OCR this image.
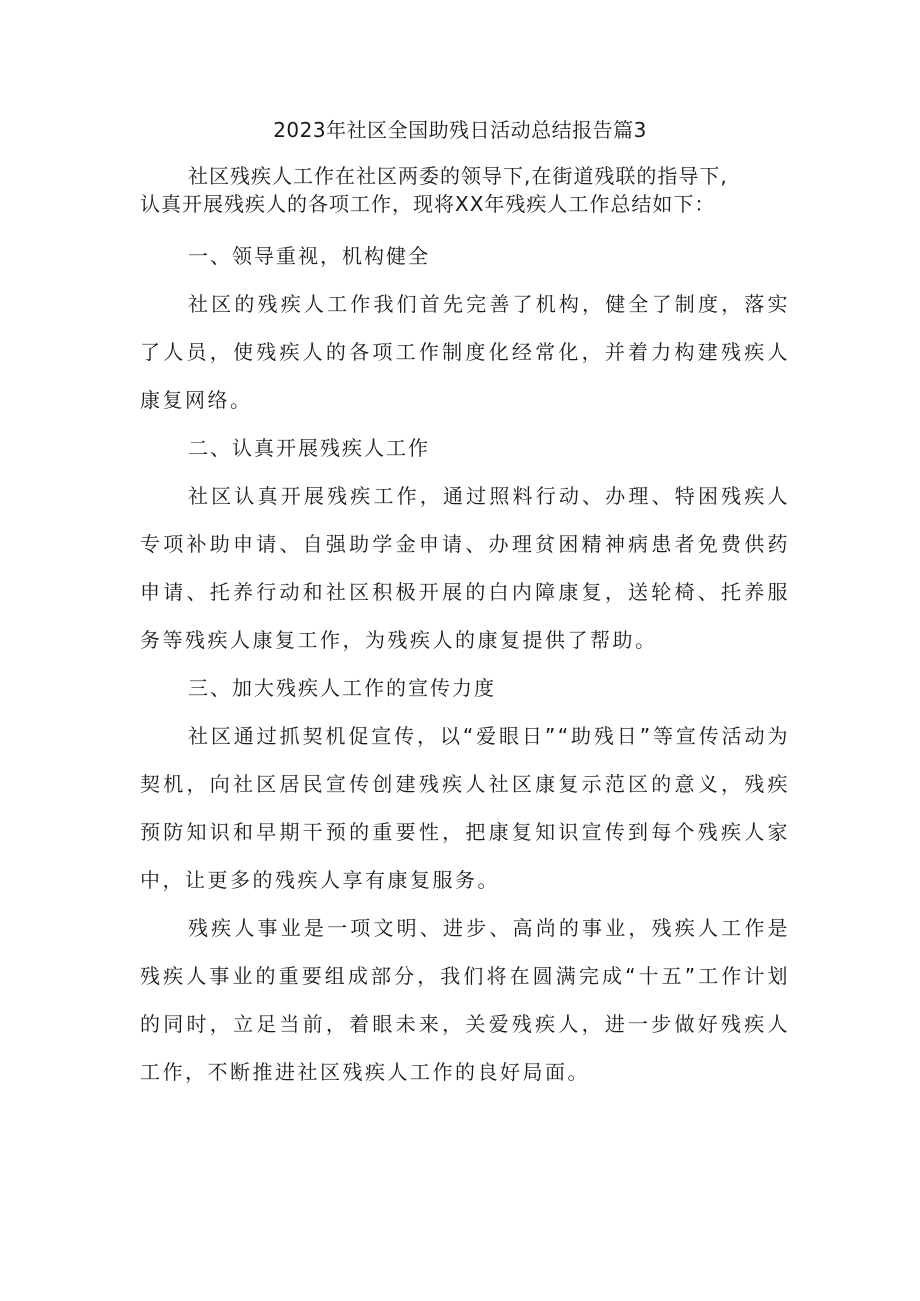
2023年社区全国助残日活动总结报告篇3
社区残疾人工作在社区两委的领导下,在街道残联的指导下,
认真开展残疾人的各项工作，现将XX年残疾人工作总结如下：

一、领导重视，机构健全

社区的残疾人工作我们首先完善了机构，健全了制度，落实了人员，使残疾人的各项工作制度化经常化，并着力构建残疾人康复网络。

二、认真开展残疾人工作

社区认真开展残疾工作，通过照料行动、办理、特困残疾人专项补助申请、自强助学金申请、办理贫困精神病患者免费供药申请、托养行动和社区积极开展的白内障康复，送轮椅、托养服务等残疾人康复工作，为残疾人的康复提供了帮助。

三、加大残疾人工作的宣传力度

社区通过抓契机促宣传，以“爱眼日”“助残日”等宣传活动为契机，向社区居民宣传创建残疾人社区康复示范区的意义，残疾预防知识和早期干预的重要性，把康复知识宣传到每个残疾人家中，让更多的残疾人享有康复服务。

残疾人事业是一项文明、进步、高尚的事业，残疾人工作是残疾人事业的重要组成部分，我们将在圆满完成“十五”工作计划的同时，立足当前，着眼未来，关爱残疾人，进一步做好残疾人工作，不断推进社区残疾人工作的良好局面。
